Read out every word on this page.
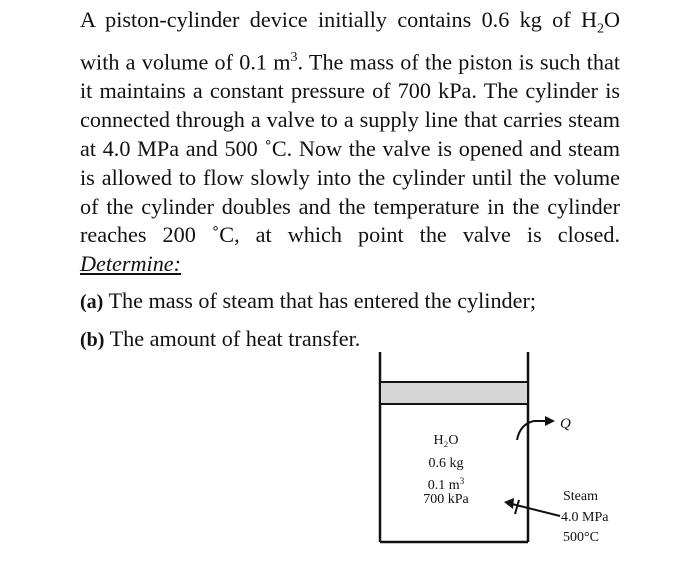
A piston-cylinder device initially contains 0.6 kg of $H_2O$ with a volume of 0.1 $m^3$. The mass of the piston is such that it maintains a constant pressure of 700 kPa. The cylinder is connected through a valve to a supply line that carries steam at 4.0 MPa and 500 ˚C. Now the valve is opened and steam is allowed to flow slowly into the cylinder until the volume of the cylinder doubles and the temperature in the cylinder reaches 200 ˚C, at which point the valve is closed. Determine:

(a) The mass of steam that has entered the cylinder;

(b) The amount of heat transfer.

H₂O
0.6 kg
0.1 $m^3$
700 kPa
Q
Steam
4.0 MPa
500°C
